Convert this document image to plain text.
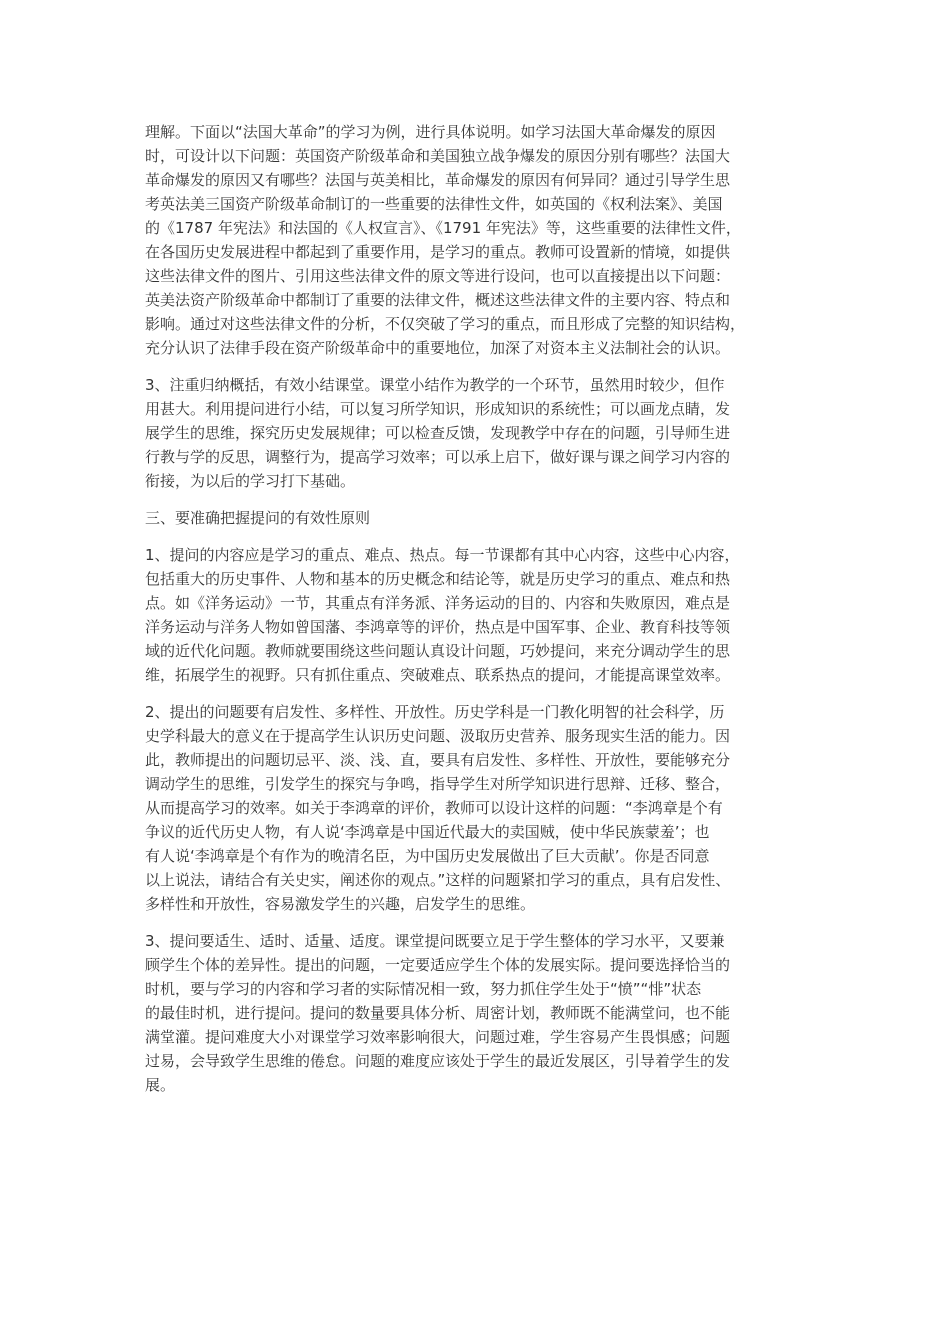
理解。下面以“法国大革命”的学习为例，进行具体说明。如学习法国大革命爆发的原因
时，可设计以下问题：英国资产阶级革命和美国独立战争爆发的原因分别有哪些？法国大
革命爆发的原因又有哪些？法国与英美相比，革命爆发的原因有何异同？通过引导学生思
考英法美三国资产阶级革命制订的一些重要的法律性文件，如英国的《权利法案》、美国
的《1787 年宪法》和法国的《人权宣言》、《1791 年宪法》等，这些重要的法律性文件，
在各国历史发展进程中都起到了重要作用，是学习的重点。教师可设置新的情境，如提供
这些法律文件的图片、引用这些法律文件的原文等进行设问，也可以直接提出以下问题：
英美法资产阶级革命中都制订了重要的法律文件，概述这些法律文件的主要内容、特点和
影响。通过对这些法律文件的分析，不仅突破了学习的重点，而且形成了完整的知识结构，
充分认识了法律手段在资产阶级革命中的重要地位，加深了对资本主义法制社会的认识。
3、注重归纳概括，有效小结课堂。课堂小结作为教学的一个环节，虽然用时较少，但作
用甚大。利用提问进行小结，可以复习所学知识，形成知识的系统性；可以画龙点睛，发
展学生的思维，探究历史发展规律；可以检查反馈，发现教学中存在的问题，引导师生进
行教与学的反思，调整行为，提高学习效率；可以承上启下，做好课与课之间学习内容的
衔接，为以后的学习打下基础。
三、要准确把握提问的有效性原则
1、提问的内容应是学习的重点、难点、热点。每一节课都有其中心内容，这些中心内容，
包括重大的历史事件、人物和基本的历史概念和结论等，就是历史学习的重点、难点和热
点。如《洋务运动》一节，其重点有洋务派、洋务运动的目的、内容和失败原因，难点是
洋务运动与洋务人物如曾国藩、李鸿章等的评价，热点是中国军事、企业、教育科技等领
域的近代化问题。教师就要围绕这些问题认真设计问题，巧妙提问，来充分调动学生的思
维，拓展学生的视野。只有抓住重点、突破难点、联系热点的提问，才能提高课堂效率。
2、提出的问题要有启发性、多样性、开放性。历史学科是一门教化明智的社会科学，历
史学科最大的意义在于提高学生认识历史问题、汲取历史营养、服务现实生活的能力。因
此，教师提出的问题切忌平、淡、浅、直，要具有启发性、多样性、开放性，要能够充分
调动学生的思维，引发学生的探究与争鸣，指导学生对所学知识进行思辩、迁移、整合，
从而提高学习的效率。如关于李鸿章的评价，教师可以设计这样的问题：“李鸿章是个有
争议的近代历史人物，有人说‘李鸿章是中国近代最大的卖国贼，使中华民族蒙羞’；也
有人说‘李鸿章是个有作为的晚清名臣，为中国历史发展做出了巨大贡献’。你是否同意
以上说法，请结合有关史实，阐述你的观点。”这样的问题紧扣学习的重点，具有启发性、
多样性和开放性，容易激发学生的兴趣，启发学生的思维。
3、提问要适生、适时、适量、适度。课堂提问既要立足于学生整体的学习水平，又要兼
顾学生个体的差异性。提出的问题，一定要适应学生个体的发展实际。提问要选择恰当的
时机，要与学习的内容和学习者的实际情况相一致，努力抓住学生处于“愤”“悱”状态
的最佳时机，进行提问。提问的数量要具体分析、周密计划，教师既不能满堂问，也不能
满堂灌。提问难度大小对课堂学习效率影响很大，问题过难，学生容易产生畏惧感；问题
过易，会导致学生思维的倦怠。问题的难度应该处于学生的最近发展区，引导着学生的发
展。
